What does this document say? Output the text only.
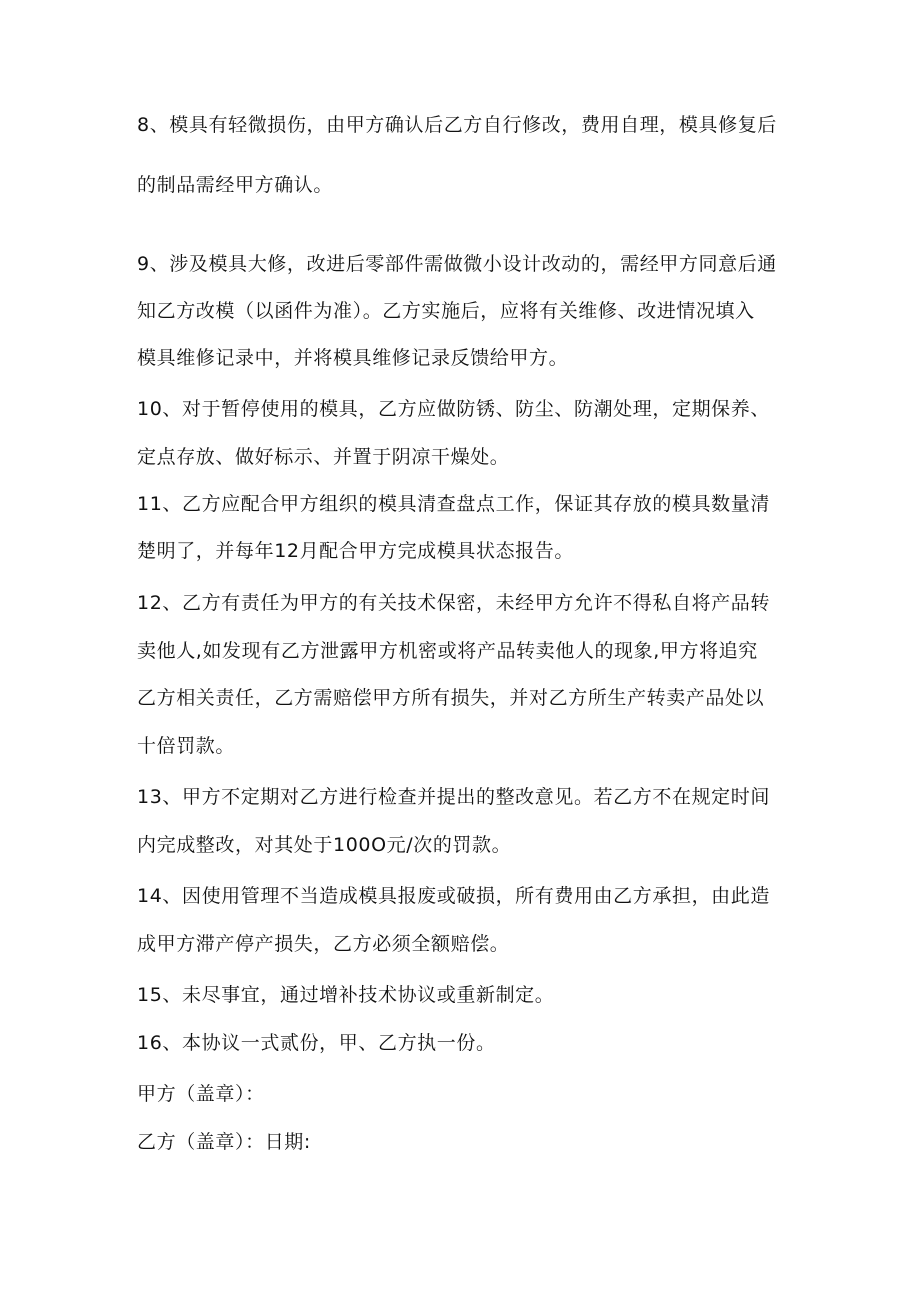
8、模具有轻微损伤，由甲方确认后乙方自行修改，费用自理，模具修复后
的制品需经甲方确认。
9、涉及模具大修，改进后零部件需做微小设计改动的，需经甲方同意后通
知乙方改模（以函件为准）。乙方实施后，应将有关维修、改进情况填入
模具维修记录中，并将模具维修记录反馈给甲方。
10、对于暂停使用的模具，乙方应做防锈、防尘、防潮处理，定期保养、
定点存放、做好标示、并置于阴凉干燥处。
11、乙方应配合甲方组织的模具清查盘点工作，保证其存放的模具数量清
楚明了，并每年12月配合甲方完成模具状态报告。
12、乙方有责任为甲方的有关技术保密，未经甲方允许不得私自将产品转
卖他人,如发现有乙方泄露甲方机密或将产品转卖他人的现象,甲方将追究
乙方相关责任，乙方需赔偿甲方所有损失，并对乙方所生产转卖产品处以
十倍罚款。
13、甲方不定期对乙方进行检查并提出的整改意见。若乙方不在规定时间
内完成整改，对其处于100O元/次的罚款。
14、因使用管理不当造成模具报废或破损，所有费用由乙方承担，由此造
成甲方滞产停产损失，乙方必须全额赔偿。
15、未尽事宜，通过增补技术协议或重新制定。
16、本协议一式贰份，甲、乙方执一份。
甲方（盖章）：
乙方（盖章）：日期:
